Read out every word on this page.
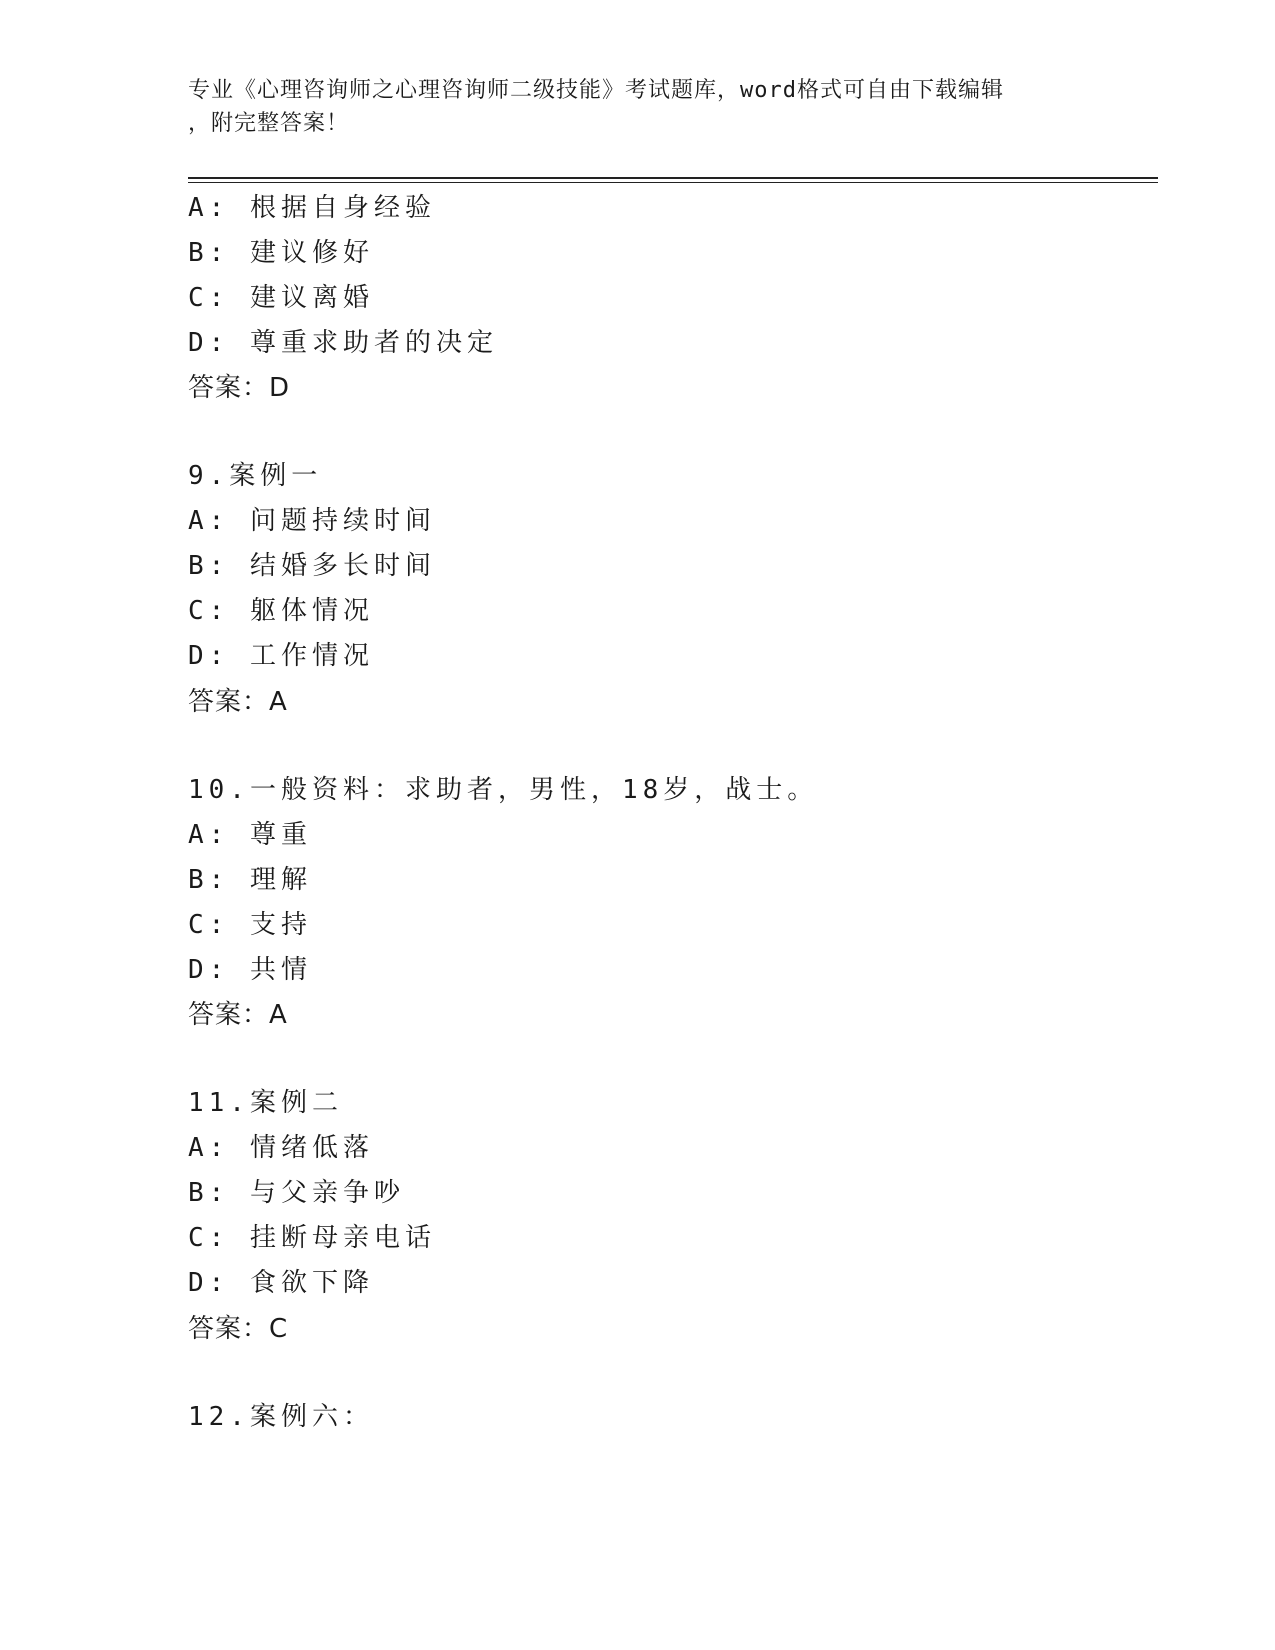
专业《心理咨询师之心理咨询师二级技能》考试题库，word格式可自由下载编辑
，附完整答案！
A: 根据自身经验
B: 建议修好
C: 建议离婚
D: 尊重求助者的决定
答案：D
9.案例一
A: 问题持续时间
B: 结婚多长时间
C: 躯体情况
D: 工作情况
答案：A
10.一般资料：求助者，男性，18岁，战士。
A: 尊重
B: 理解
C: 支持
D: 共情
答案：A
11.案例二
A: 情绪低落
B: 与父亲争吵
C: 挂断母亲电话
D: 食欲下降
答案：C
12.案例六：
